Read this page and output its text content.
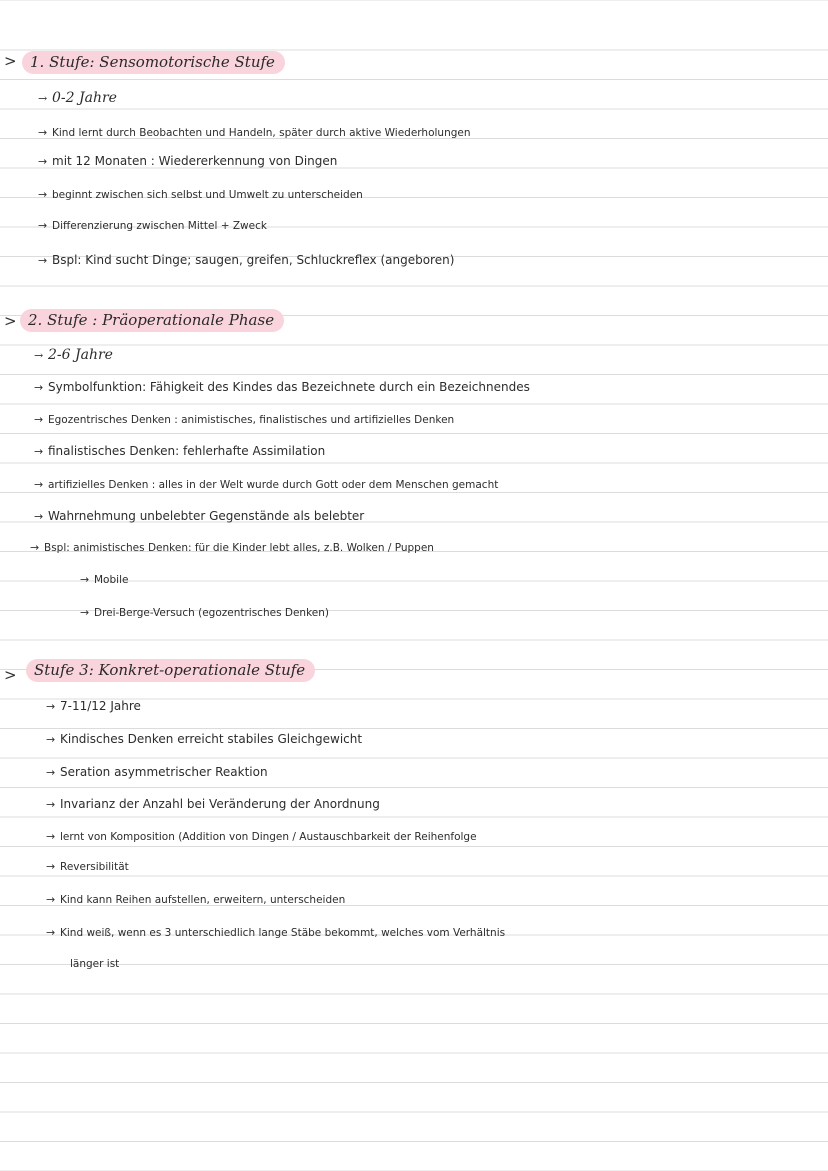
> 1. Stufe: Sensomotorische Stufe
→ 0-2 Jahre
→ Kind lernt durch Beobachten und Handeln, später durch aktive Wiederholungen
→ mit 12 Monaten : Wiedererkennung von Dingen
→ beginnt zwischen sich selbst und Umwelt zu unterscheiden
→ Differenzierung zwischen Mittel + Zweck
→ Bspl: Kind sucht Dinge; saugen, greifen, Schluckreflex (angeboren)
> 2. Stufe : Präoperationale Phase
→ 2-6 Jahre
→ Symbolfunktion: Fähigkeit des Kindes das Bezeichnete durch ein Bezeichnendes
→ Egozentrisches Denken : animistisches, finalistisches und artifizielles Denken
→ finalistisches Denken: fehlerhafte Assimilation
→ artifizielles Denken : alles in der Welt wurde durch Gott oder dem Menschen gemacht
→ Wahrnehmung unbelebter Gegenstände als belebter
→ Bspl: animistisches Denken: für die Kinder lebt alles, z.B. Wolken / Puppen
→ Mobile
→ Drei-Berge-Versuch (egozentrisches Denken)
>	Stufe 3: Konkret-operationale Stufe
→ 7-11/12 Jahre
→ Kindisches Denken erreicht stabiles Gleichgewicht
→ Seration asymmetrischer Reaktion
→ Invarianz der Anzahl bei Veränderung der Anordnung
→ lernt von Komposition (Addition von Dingen / Austauschbarkeit der Reihenfolge
→ Reversibilität
→ Kind kann Reihen aufstellen, erweitern, unterscheiden
→ Kind weiß, wenn es 3 unterschiedlich lange Stäbe bekommt, welches vom Verhältnis
länger ist
